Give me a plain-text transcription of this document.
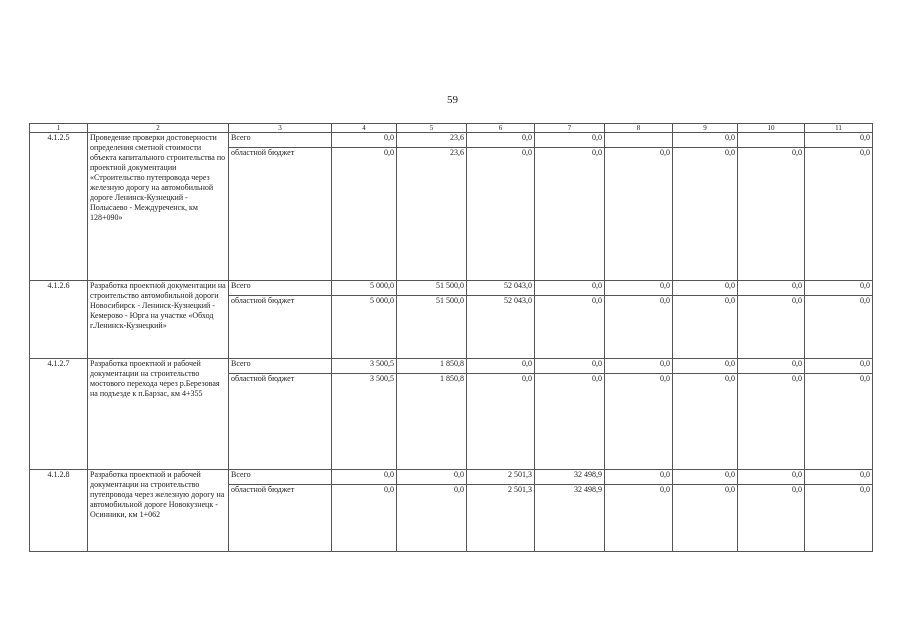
59
1	2	3	4	5	6	7	8	9	10	11
4.1.2.5	Проведение проверки достоверности определения сметной стоимости объекта капитального строительства по проектной документации «Строительство путепровода через железную дорогу на автомобильной дороге Ленинск-Кузнецкий - Полысаево - Междуреченск, км 128+090»	Всего	0,0	23,6	0,0	0,0		0,0		0,0
		областной бюджет	0,0	23,6	0,0	0,0	0,0	0,0	0,0	0,0
4.1.2.6	Разработка проектной документации на строительство автомобильной дороги Новосибирск - Ленинск-Кузнецкий - Кемерово - Юрга на участке «Обход г.Ленинск-Кузнецкий»	Всего	5 000,0	51 500,0	52 043,0	0,0	0,0	0,0	0,0	0,0
		областной бюджет	5 000,0	51 500,0	52 043,0	0,0	0,0	0,0	0,0	0,0
4.1.2.7	Разработка проектной и рабочей документации на строительство мостового перехода через р.Березовая на подъезде к п.Барзас, км 4+355	Всего	3 500,5	1 850,8	0,0	0,0	0,0	0,0	0,0	0,0
		областной бюджет	3 500,5	1 850,8	0,0	0,0	0,0	0,0	0,0	0,0
4.1.2.8	Разработка проектной и рабочей документации на строительство путепровода через железную дорогу на автомобильной дороге Новокузнецк - Осинники, км 1+062	Всего	0,0	0,0	2 501,3	32 498,9	0,0	0,0	0,0	0,0
		областной бюджет	0,0	0,0	2 501,3	32 498,9	0,0	0,0	0,0	0,0
